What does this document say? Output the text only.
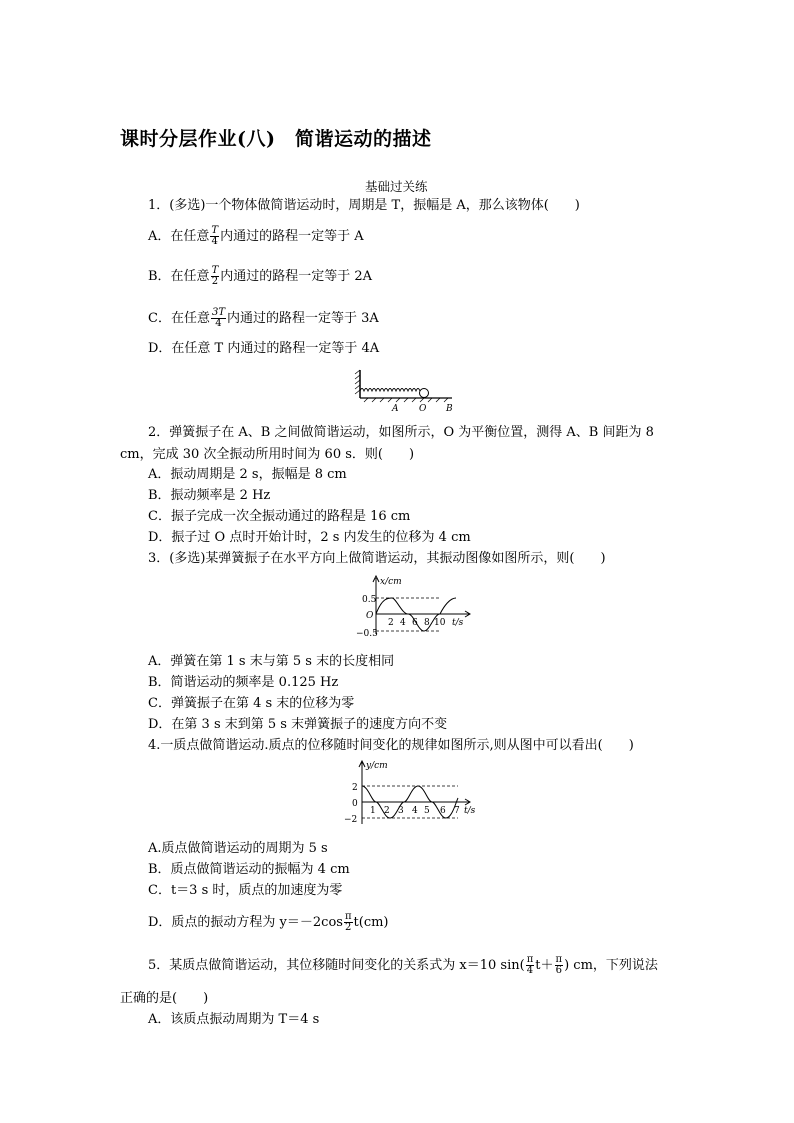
课时分层作业(八)　简谐运动的描述
基础过关练
1．(多选)一个物体做简谐运动时，周期是 T，振幅是 A，那么该物体(　　)
A．在任意 $\frac{T}{4}$ 内通过的路程一定等于 A
B．在任意 $\frac{T}{2}$ 内通过的路程一定等于 2A
C．在任意 $\frac{3T}{4}$ 内通过的路程一定等于 3A
D．在任意 T 内通过的路程一定等于 4A
A O B
2．弹簧振子在 A、B 之间做简谐运动，如图所示，O 为平衡位置，测得 A、B 间距为 8
cm，完成 30 次全振动所用时间为 60 s．则(　　)
A．振动周期是 2 s，振幅是 8 cm
B．振动频率是 2 Hz
C．振子完成一次全振动通过的路程是 16 cm
D．振子过 O 点时开始计时，2 s 内发生的位移为 4 cm
3．(多选)某弹簧振子在水平方向上做简谐运动，其振动图像如图所示，则(　　)
x/cm
0.5
O
−0.5
2 4 6 8 10 t/s
A．弹簧在第 1 s 末与第 5 s 末的长度相同
B．简谐运动的频率是 0.125 Hz
C．弹簧振子在第 4 s 末的位移为零
D．在第 3 s 末到第 5 s 末弹簧振子的速度方向不变
4.一质点做简谐运动.质点的位移随时间变化的规律如图所示,则从图中可以看出(　　)
y/cm
2
0
−2
1 2 3 4 5 6 7 t/s
A.质点做简谐运动的周期为 5 s
B．质点做简谐运动的振幅为 4 cm
C．t＝3 s 时，质点的加速度为零
D．质点的振动方程为 $y=-2\cos \frac{\pi}{2} t(cm)$
5．某质点做简谐运动，其位移随时间变化的关系式为 x＝10 $\sin( \frac{\pi}{4} t+ \frac{\pi}{6}$ ) cm，下列说法
正确的是(　　)
A．该质点振动周期为 T＝4 s
